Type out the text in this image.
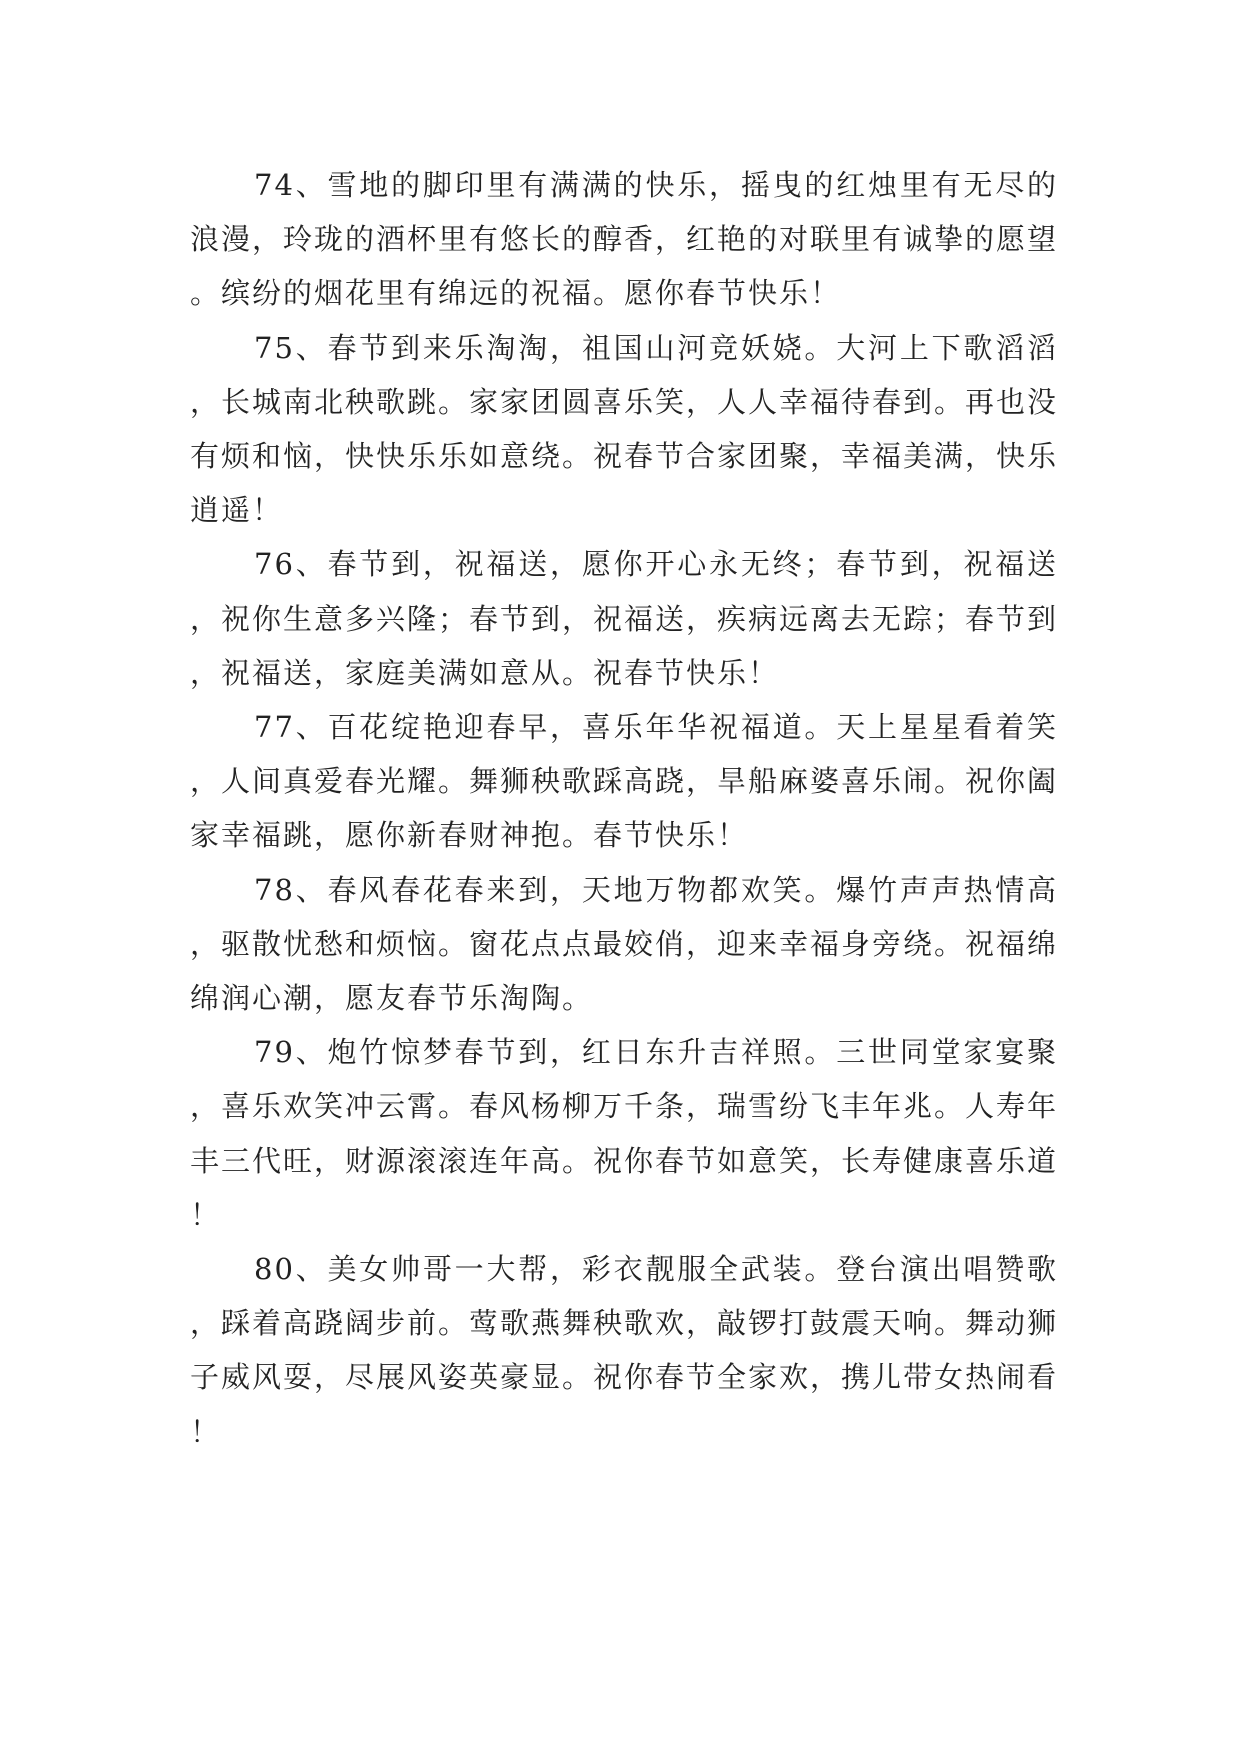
74、雪地的脚印里有满满的快乐，摇曳的红烛里有无尽的浪漫，玲珑的酒杯里有悠长的醇香，红艳的对联里有诚挚的愿望。缤纷的烟花里有绵远的祝福。愿你春节快乐！

75、春节到来乐淘淘，祖国山河竞妖娆。大河上下歌滔滔，长城南北秧歌跳。家家团圆喜乐笑，人人幸福待春到。再也没有烦和恼，快快乐乐如意绕。祝春节合家团聚，幸福美满，快乐逍遥！

76、春节到，祝福送，愿你开心永无终；春节到，祝福送，祝你生意多兴隆；春节到，祝福送，疾病远离去无踪；春节到，祝福送，家庭美满如意从。祝春节快乐！

77、百花绽艳迎春早，喜乐年华祝福道。天上星星看着笑，人间真爱春光耀。舞狮秧歌踩高跷，旱船麻婆喜乐闹。祝你阖家幸福跳，愿你新春财神抱。春节快乐！

78、春风春花春来到，天地万物都欢笑。爆竹声声热情高，驱散忧愁和烦恼。窗花点点最姣俏，迎来幸福身旁绕。祝福绵绵润心潮，愿友春节乐淘陶。

79、炮竹惊梦春节到，红日东升吉祥照。三世同堂家宴聚，喜乐欢笑冲云霄。春风杨柳万千条，瑞雪纷飞丰年兆。人寿年丰三代旺，财源滚滚连年高。祝你春节如意笑，长寿健康喜乐道！

80、美女帅哥一大帮，彩衣靓服全武装。登台演出唱赞歌，踩着高跷阔步前。莺歌燕舞秧歌欢，敲锣打鼓震天响。舞动狮子威风耍，尽展风姿英豪显。祝你春节全家欢，携儿带女热闹看！
